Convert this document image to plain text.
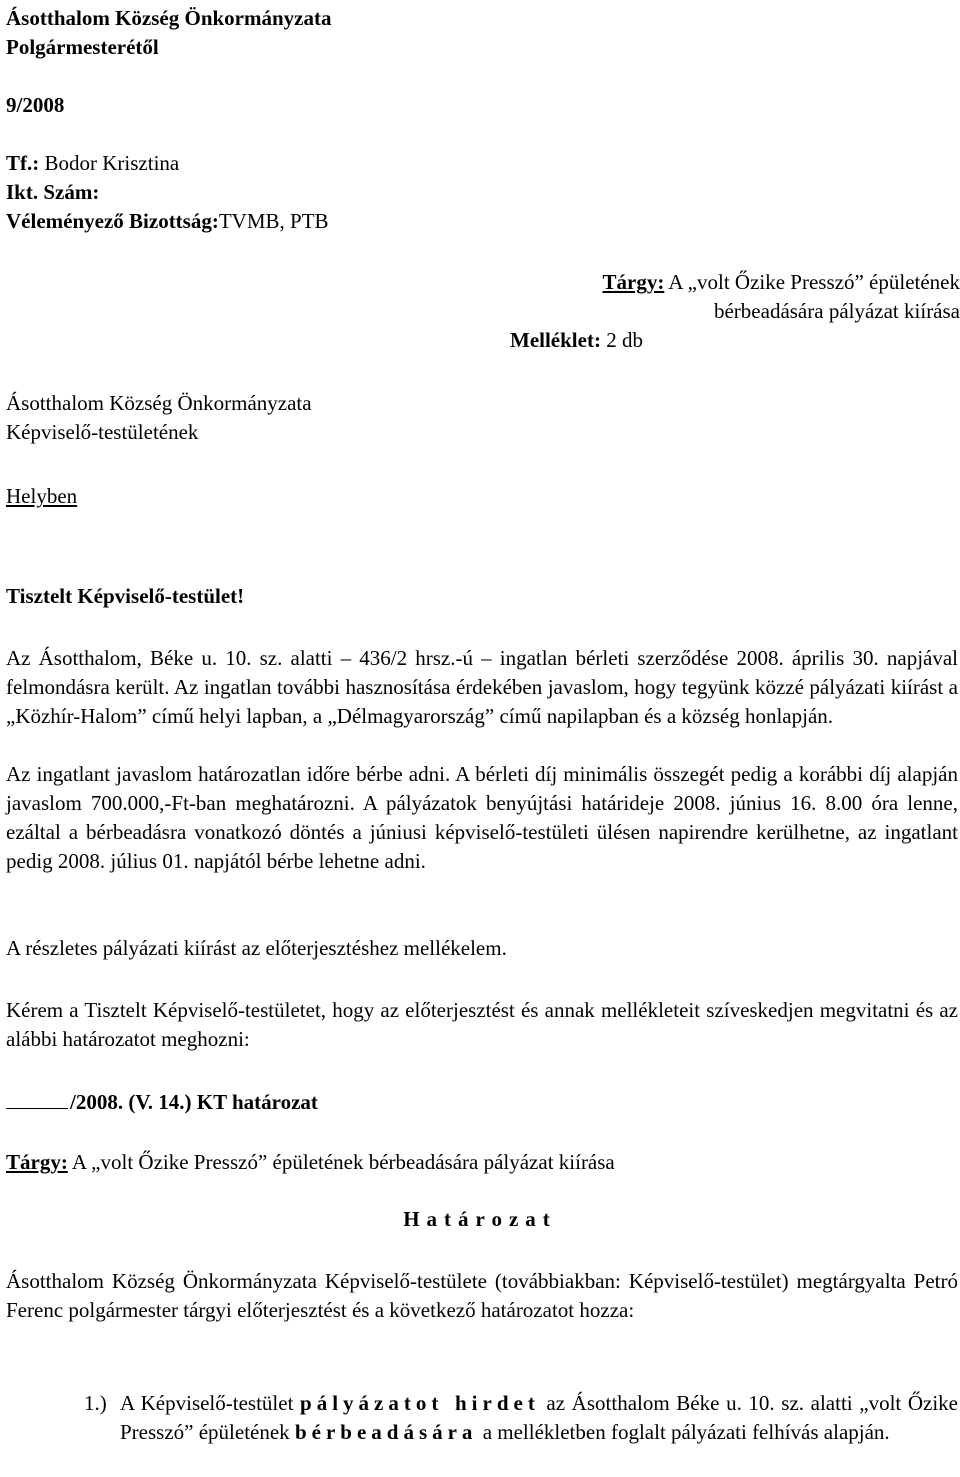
Ásotthalom Község Önkormányzata
Polgármesterétől
9/2008
Tf.: Bodor Krisztina
Ikt. Szám:
Véleményező Bizottság:TVMB, PTB
Tárgy: A „volt Őzike Presszó” épületének
bérbeadására pályázat kiírása
Melléklet: 2 db
Ásotthalom Község Önkormányzata
Képviselő-testületének
Helyben
Tisztelt Képviselő-testület!

Az Ásotthalom, Béke u. 10. sz. alatti – 436/2 hrsz.-ú – ingatlan bérleti szerződése 2008. április 30. napjával felmondásra került. Az ingatlan további hasznosítása érdekében javaslom, hogy tegyünk közzé pályázati kiírást a „Közhír-Halom” című helyi lapban, a „Délmagyarország” című napilapban és a község honlapján.

Az ingatlant javaslom határozatlan időre bérbe adni. A bérleti díj minimális összegét pedig a korábbi díj alapján javaslom 700.000,-Ft-ban meghatározni. A pályázatok benyújtási határideje 2008. június 16. 8.00 óra lenne, ezáltal a bérbeadásra vonatkozó döntés a júniusi képviselő-testületi ülésen napirendre kerülhetne, az ingatlant pedig 2008. július 01. napjától bérbe lehetne adni.

A részletes pályázati kiírást az előterjesztéshez mellékelem.

Kérem a Tisztelt Képviselő-testületet, hogy az előterjesztést és annak mellékleteit szíveskedjen megvitatni és az alábbi határozatot meghozni:

/2008. (V. 14.) KT határozat
Tárgy: A „volt Őzike Presszó” épületének bérbeadására pályázat kiírása
Határozat

Ásotthalom Község Önkormányzata Képviselő-testülete (továbbiakban: Képviselő-testület) megtárgyalta Petró Ferenc polgármester tárgyi előterjesztést és a következő határozatot hozza:

1.) A Képviselő-testület pályázatot hirdet az Ásotthalom Béke u. 10. sz. alatti „volt Őzike Presszó” épületének bérbeadására a mellékletben foglalt pályázati felhívás alapján.
